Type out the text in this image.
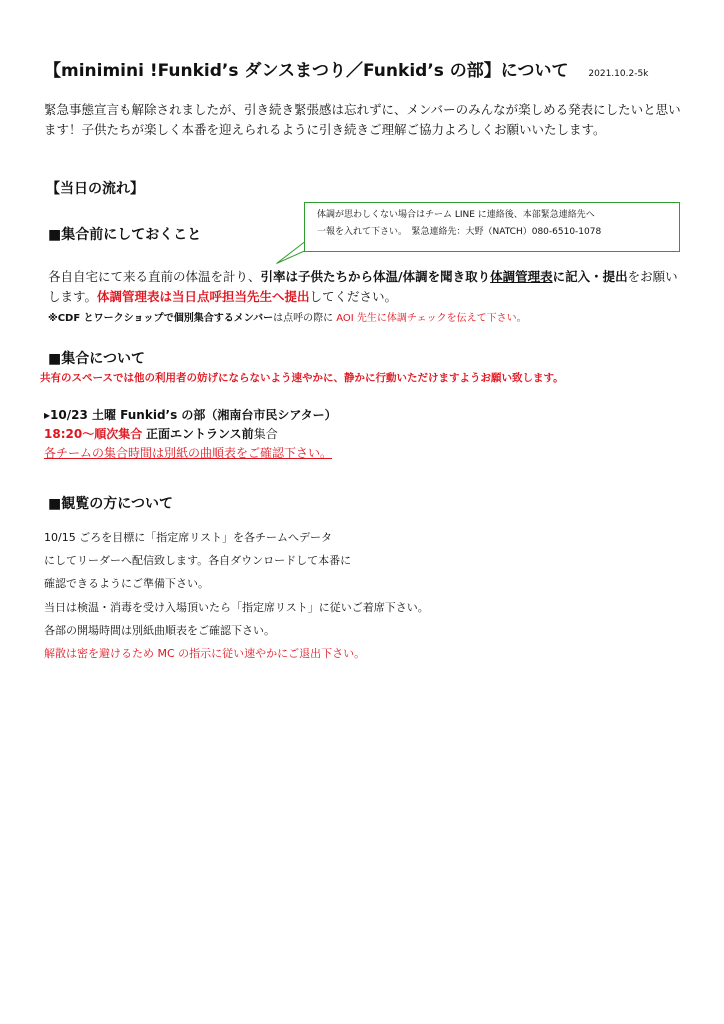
【minimini !Funkid’s ダンスまつり／Funkid’s の部】について 2021.10.2-5k
緊急事態宣言も解除されましたが、引き続き緊張感は忘れずに、メンバーのみんなが楽しめる発表にしたいと思います！子供たちが楽しく本番を迎えられるように引き続きご理解ご協力よろしくお願いいたします。
【当日の流れ】
■集合前にしておくこと
体調が思わしくない場合はチーム LINE に連絡後、本部緊急連絡先へ
一報を入れて下さい。　緊急連絡先：大野（NATCH）080-6510-1078
各自自宅にて来る直前の体温を計り、引率は子供たちから体温/体調を聞き取り体調管理表に記入・提出をお願いします。体調管理表は当日点呼担当先生へ提出してください。
※CDF とワークショップで個別集合するメンバーは点呼の際に AOI 先生に体調チェックを伝えて下さい。
■集合について
共有のスペースでは他の利用者の妨げにならないよう速やかに、静かに行動いただけますようお願い致します。
▸10/23 土曜 Funkid’s の部（湘南台市民シアター）
18:20～順次集合 正面エントランス前集合
各チームの集合時間は別紙の曲順表をご確認下さい。
■観覧の方について
10/15 ごろを目標に「指定席リスト」を各チームへデータ
にしてリーダーへ配信致します。各自ダウンロードして本番に
確認できるようにご準備下さい。
当日は検温・消毒を受け入場頂いたら「指定席リスト」に従いご着席下さい。
各部の開場時間は別紙曲順表をご確認下さい。
解散は密を避けるため MC の指示に従い速やかにご退出下さい。
